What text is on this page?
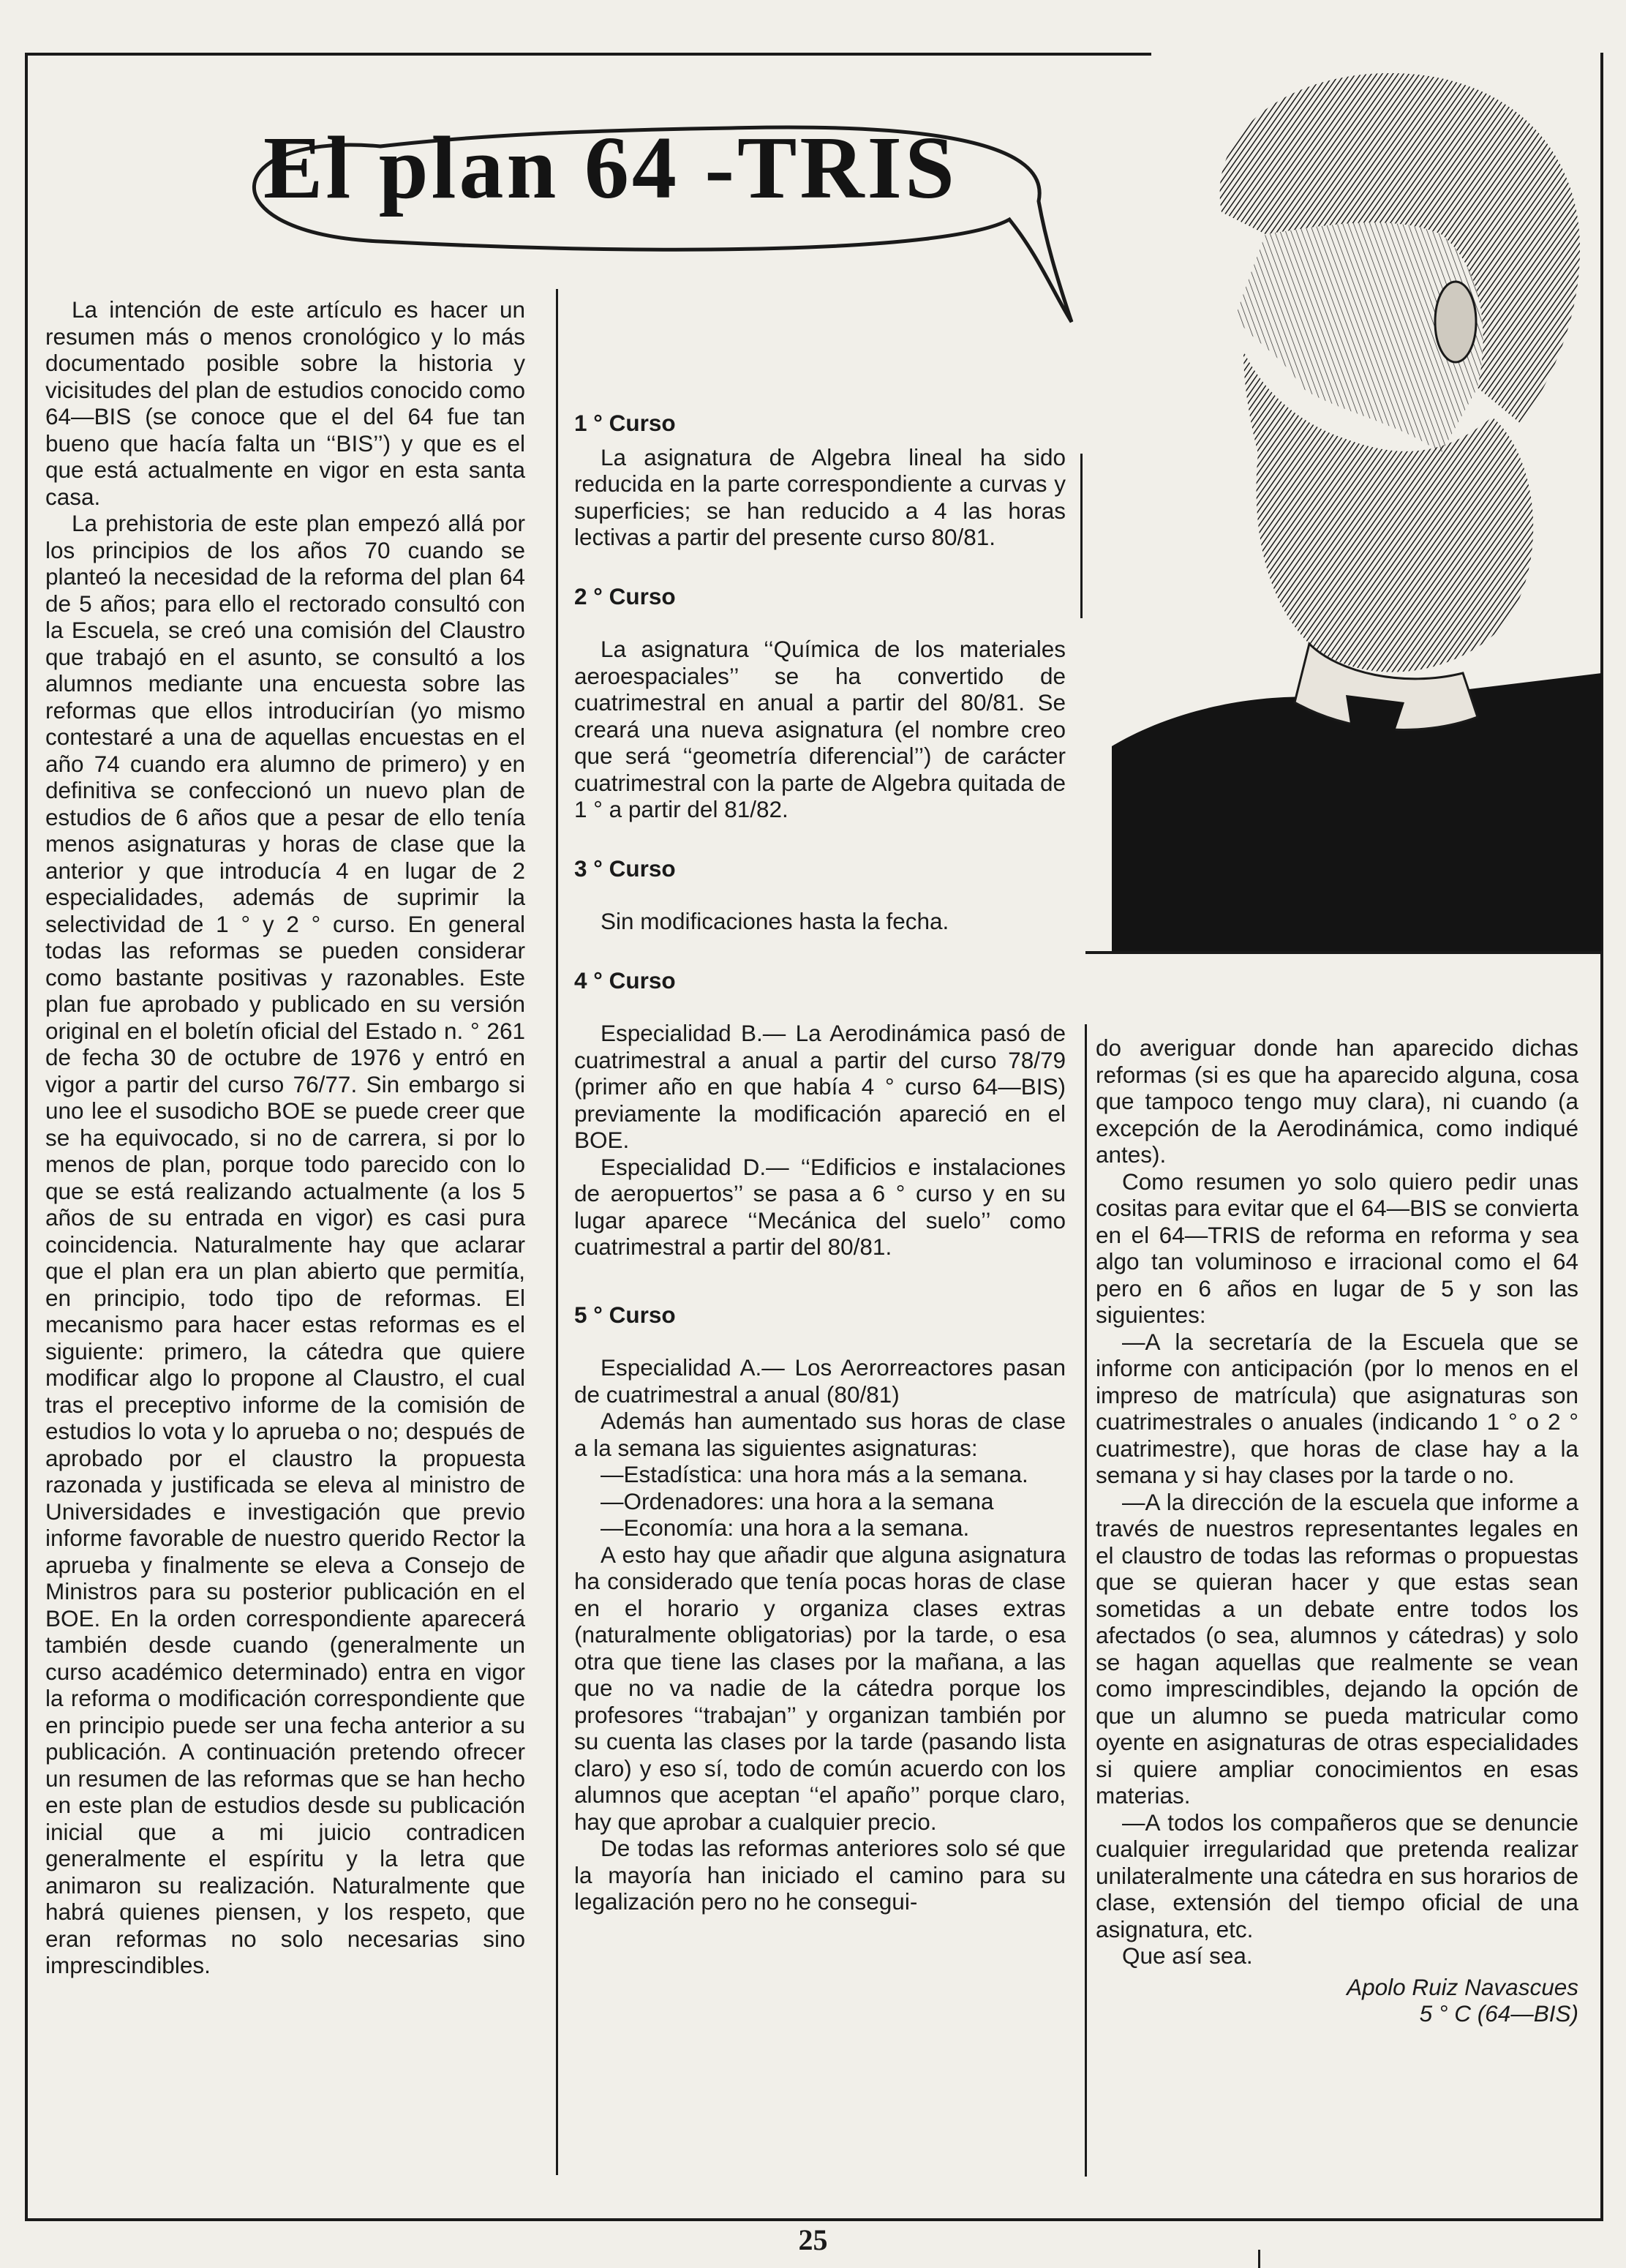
El plan 64 -TRIS

La intención de este artículo es hacer un resumen más o menos cronológico y lo más documentado posible sobre la historia y vicisitudes del plan de estudios conocido como 64—BIS (se conoce que el del 64 fue tan bueno que hacía falta un ‘‘BIS’’) y que es el que está actualmente en vigor en esta santa casa.

La prehistoria de este plan empezó allá por los principios de los años 70 cuando se planteó la necesidad de la reforma del plan 64 de 5 años; para ello el rectorado consultó con la Escuela, se creó una comisión del Claustro que trabajó en el asunto, se consultó a los alumnos mediante una encuesta sobre las reformas que ellos introducirían (yo mismo contestaré a una de aquellas encuestas en el año 74 cuando era alumno de primero) y en definitiva se confeccionó un nuevo plan de estudios de 6 años que a pesar de ello tenía menos asignaturas y horas de clase que la anterior y que introducía 4 en lugar de 2 especialidades, además de suprimir la selectividad de 1 ° y 2 ° curso. En general todas las reformas se pueden considerar como bastante positivas y razonables. Este plan fue aprobado y publicado en su versión original en el boletín oficial del Estado n. ° 261 de fecha 30 de octubre de 1976 y entró en vigor a partir del curso 76/77. Sin embargo si uno lee el susodicho BOE se puede creer que se ha equivocado, si no de carrera, si por lo menos de plan, porque todo parecido con lo que se está realizando actualmente (a los 5 años de su entrada en vigor) es casi pura coincidencia. Naturalmente hay que aclarar que el plan era un plan abierto que permitía, en principio, todo tipo de reformas. El mecanismo para hacer estas reformas es el siguiente: primero, la cátedra que quiere modificar algo lo propone al Claustro, el cual tras el preceptivo informe de la comisión de estudios lo vota y lo aprueba o no; después de aprobado por el claustro la propuesta razonada y justificada se eleva al ministro de Universidades e investigación que previo informe favorable de nuestro querido Rector la aprueba y finalmente se eleva a Consejo de Ministros para su posterior publicación en el BOE. En la orden correspondiente aparecerá también desde cuando (generalmente un curso académico determinado) entra en vigor la reforma o modificación correspondiente que en principio puede ser una fecha anterior a su publicación. A continuación pretendo ofrecer un resumen de las reformas que se han hecho en este plan de estudios desde su publicación inicial que a mi juicio contradicen generalmente el espíritu y la letra que animaron su realización. Naturalmente que habrá quienes piensen, y los respeto, que eran reformas no solo necesarias sino imprescindibles.

1 ° Curso

La asignatura de Algebra lineal ha sido reducida en la parte correspondiente a curvas y superficies; se han reducido a 4 las horas lectivas a partir del presente curso 80/81.

2 ° Curso

La asignatura ‘‘Química de los materiales aeroespaciales’’ se ha convertido de cuatrimestral en anual a partir del 80/81. Se creará una nueva asignatura (el nombre creo que será ‘‘geometría diferencial’’) de carácter cuatrimestral con la parte de Algebra quitada de 1 ° a partir del 81/82.

3 ° Curso

Sin modificaciones hasta la fecha.

4 ° Curso

Especialidad B.— La Aerodinámica pasó de cuatrimestral a anual a partir del curso 78/79 (primer año en que había 4 ° curso 64—BIS) previamente la modificación apareció en el BOE.

Especialidad D.— ‘‘Edificios e instalaciones de aeropuertos’’ se pasa a 6 ° curso y en su lugar aparece ‘‘Mecánica del suelo’’ como cuatrimestral a partir del 80/81.

5 ° Curso

Especialidad A.— Los Aerorreactores pasan de cuatrimestral a anual (80/81)

Además han aumentado sus horas de clase a la semana las siguientes asignaturas:

—Estadística: una hora más a la semana.
—Ordenadores: una hora a la semana
—Economía: una hora a la semana.

A esto hay que añadir que alguna asignatura ha considerado que tenía pocas horas de clase en el horario y organiza clases extras (naturalmente obligatorias) por la tarde, o esa otra que tiene las clases por la mañana, a las que no va nadie de la cátedra porque los profesores ‘‘trabajan’’ y organizan también por su cuenta las clases por la tarde (pasando lista claro) y eso sí, todo de común acuerdo con los alumnos que aceptan ‘‘el apaño’’ porque claro, hay que aprobar a cualquier precio.

De todas las reformas anteriores solo sé que la mayoría han iniciado el camino para su legalización pero no he consegui-

do averiguar donde han aparecido dichas reformas (si es que ha aparecido alguna, cosa que tampoco tengo muy clara), ni cuando (a excepción de la Aerodinámica, como indiqué antes).

Como resumen yo solo quiero pedir unas cositas para evitar que el 64—BIS se convierta en el 64—TRIS de reforma en reforma y sea algo tan voluminoso e irracional como el 64 pero en 6 años en lugar de 5 y son las siguientes:

—A la secretaría de la Escuela que se informe con anticipación (por lo menos en el impreso de matrícula) que asignaturas son cuatrimestrales o anuales (indicando 1 ° o 2 ° cuatrimestre), que horas de clase hay a la semana y si hay clases por la tarde o no.

—A la dirección de la escuela que informe a través de nuestros representantes legales en el claustro de todas las reformas o propuestas que se quieran hacer y que estas sean sometidas a un debate entre todos los afectados (o sea, alumnos y cátedras) y solo se hagan aquellas que realmente se vean como imprescindibles, dejando la opción de que un alumno se pueda matricular como oyente en asignaturas de otras especialidades si quiere ampliar conocimientos en esas materias.

—A todos los compañeros que se denuncie cualquier irregularidad que pretenda realizar unilateralmente una cátedra en sus horarios de clase, extensión del tiempo oficial de una asignatura, etc.

Que así sea.

Apolo Ruiz Navascues

5 ° C (64—BIS)

25
